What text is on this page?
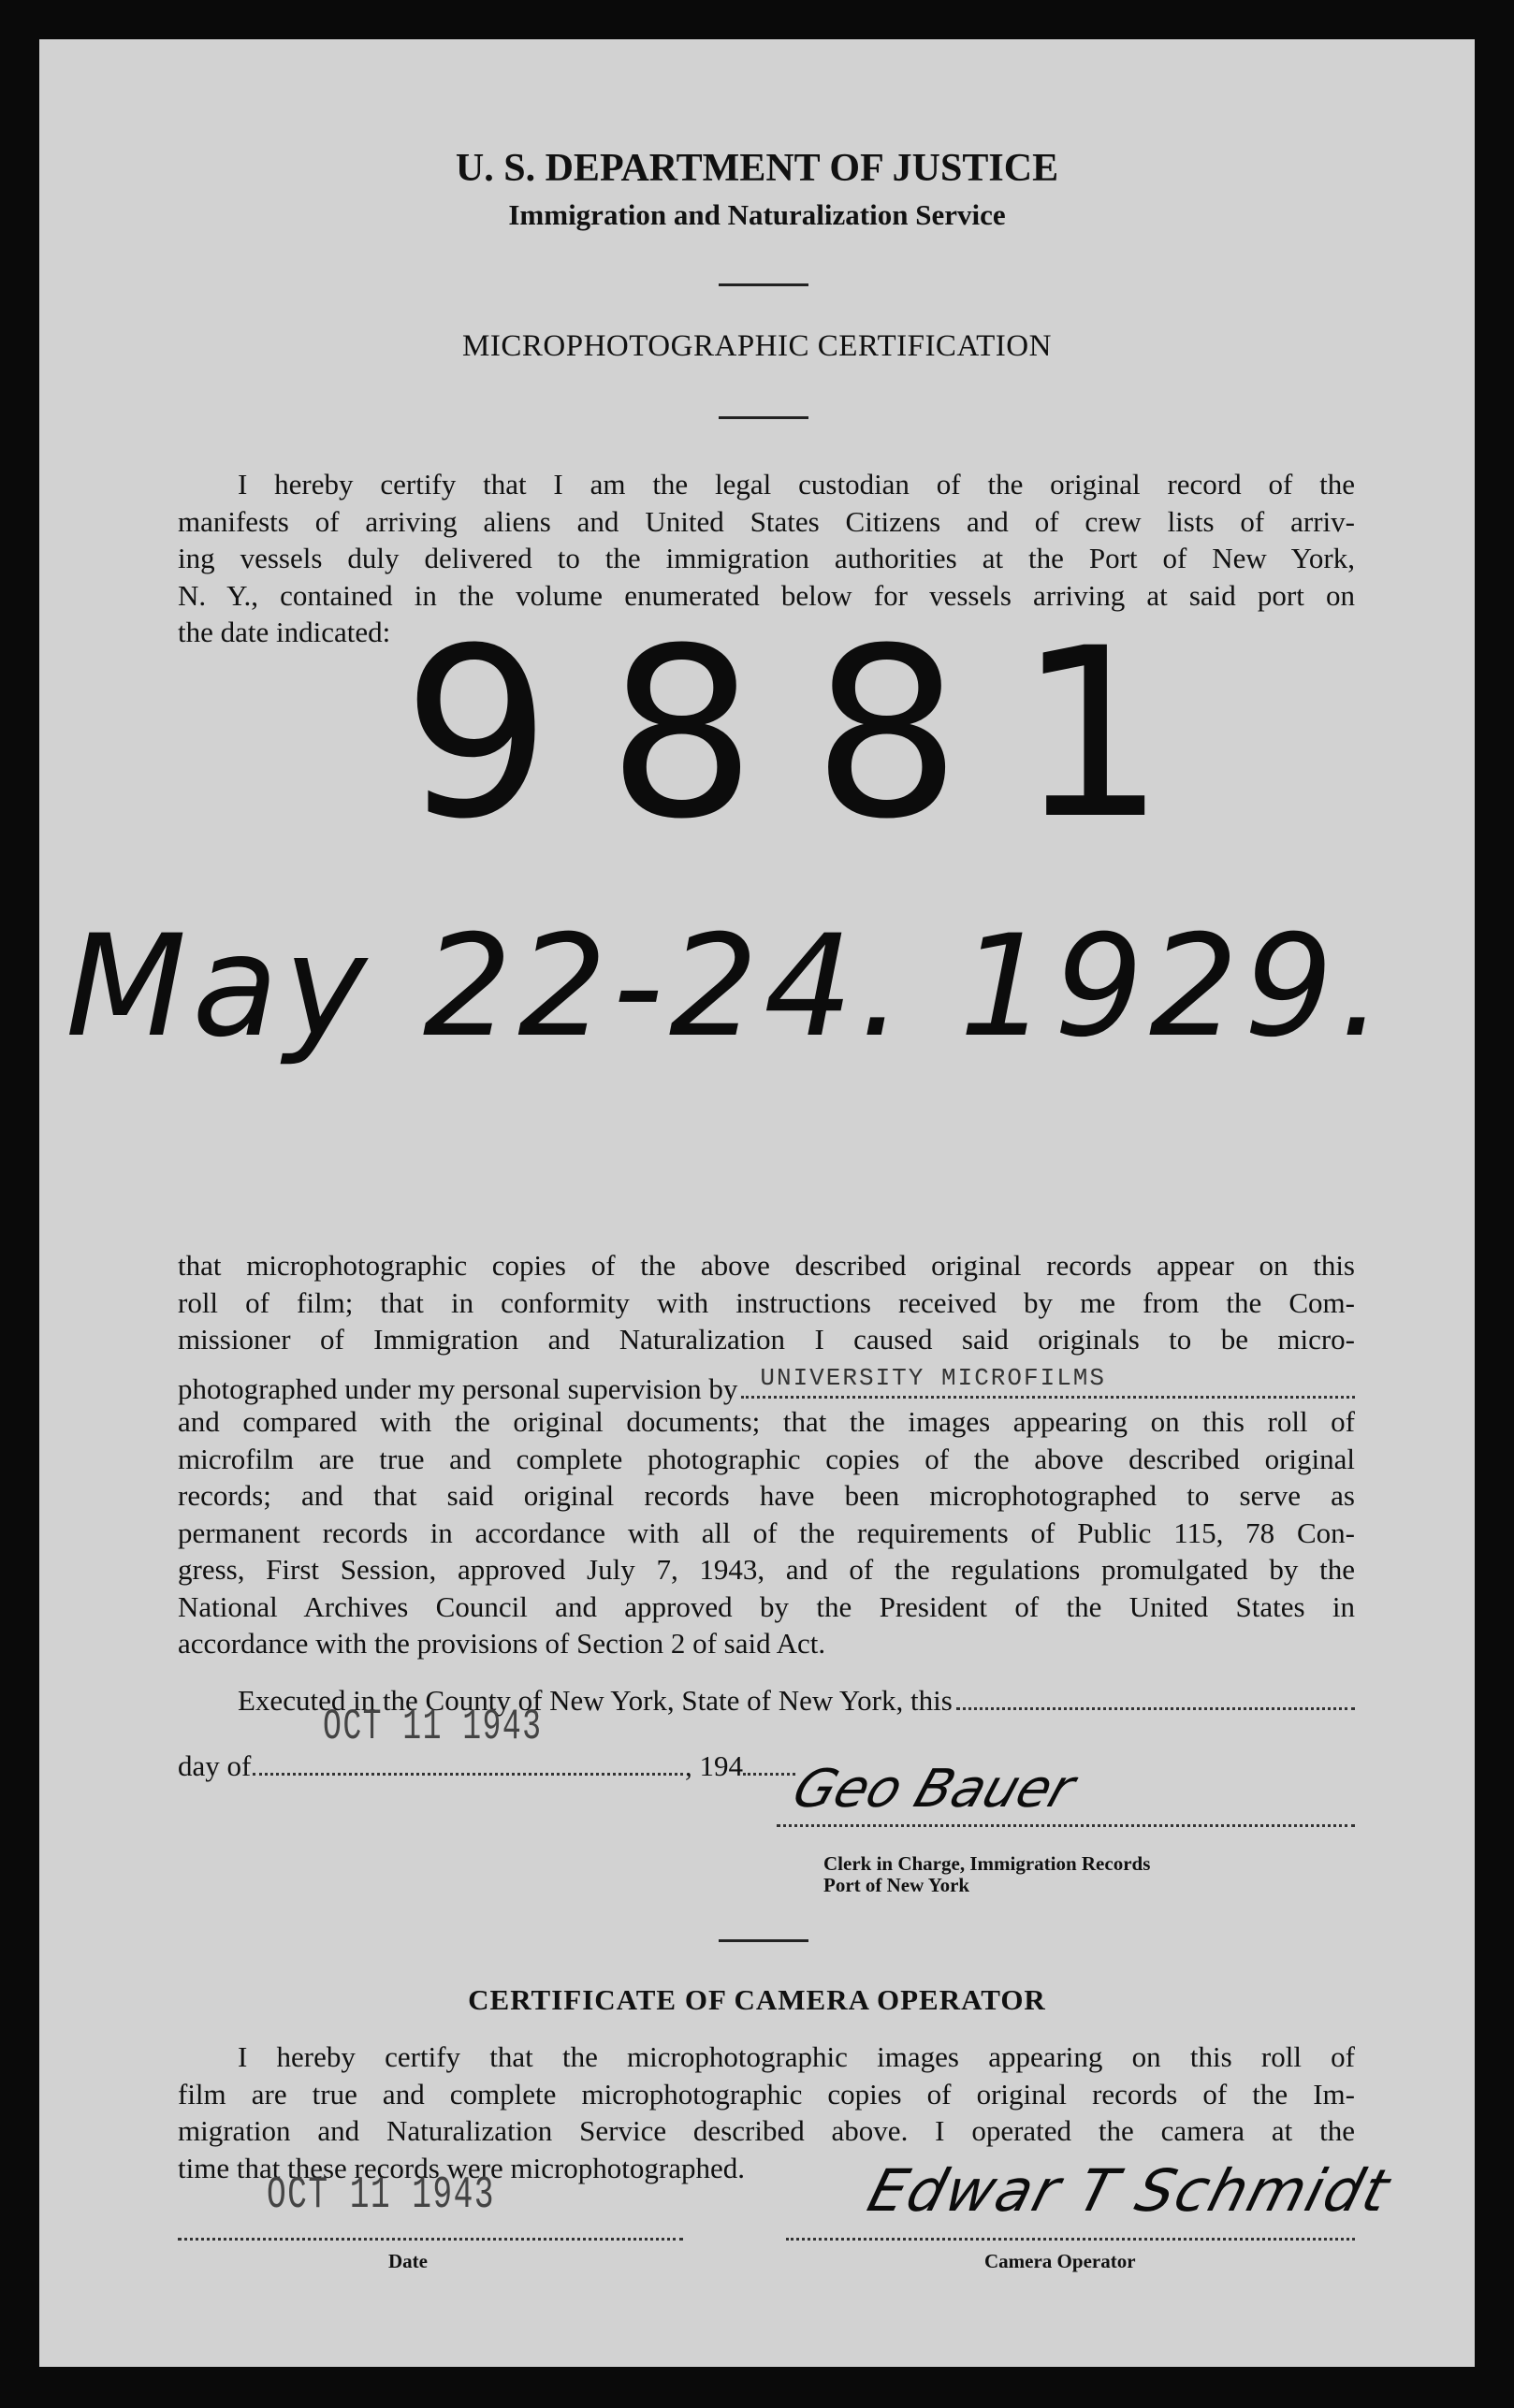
U. S. DEPARTMENT OF JUSTICE
Immigration and Naturalization Service
MICROPHOTOGRAPHIC CERTIFICATION
I hereby certify that I am the legal custodian of the original record of the
manifests of arriving aliens and United States Citizens and of crew lists of arriv-
ing vessels duly delivered to the immigration authorities at the Port of New York,
N. Y., contained in the volume enumerated below for vessels arriving at said port on
the date indicated: 9881
May 22-24. 1929.
that microphotographic copies of the above described original records appear on this
roll of film; that in conformity with instructions received by me from the Com-
missioner of Immigration and Naturalization I caused said originals to be micro-
photographed under my personal supervision by UNIVERSITY MICROFILMS
and compared with the original documents; that the images appearing on this roll of
microfilm are true and complete photographic copies of the above described original
records; and that said original records have been microphotographed to serve as
permanent records in accordance with all of the requirements of Public 115, 78 Con-
gress, First Session, approved July 7, 1943, and of the regulations promulgated by the
National Archives Council and approved by the President of the United States in
accordance with the provisions of Section 2 of said Act.
Executed in the County of New York, State of New York, this
OCT 11 1943
day of	, 194 Geo Bauer
Clerk in Charge, Immigration Records
Port of New York
CERTIFICATE OF CAMERA OPERATOR
I hereby certify that the microphotographic images appearing on this roll of
film are true and complete microphotographic copies of original records of the Im-
migration and Naturalization Service described above. I operated the camera at the
time that these records were microphotographed.
OCT 11 1943	Edwar T Schmidt
Date	Camera Operator
